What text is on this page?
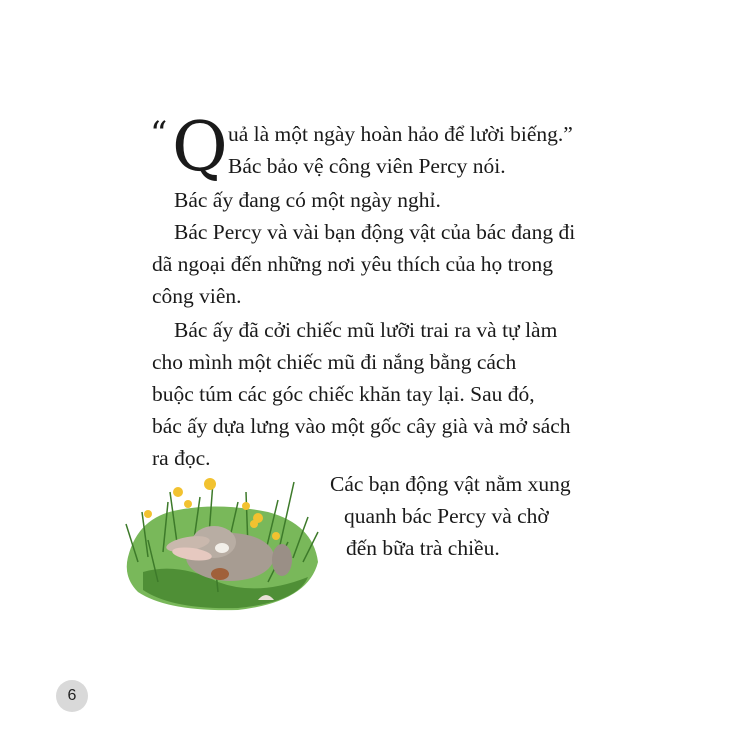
“ Q uả là một ngày hoàn hảo để lười biếng.”
Bác bảo vệ công viên Percy nói.
Bác ấy đang có một ngày nghỉ.
Bác Percy và vài bạn động vật của bác đang đi
dã ngoại đến những nơi yêu thích của họ trong
công viên.
Bác ấy đã cởi chiếc mũ lưỡi trai ra và tự làm
cho mình một chiếc mũ đi nắng bằng cách
buộc túm các góc chiếc khăn tay lại. Sau đó,
bác ấy dựa lưng vào một gốc cây già và mở sách
ra đọc.
Các bạn động vật nằm xung
quanh bác Percy và chờ
đến bữa trà chiều.
6
